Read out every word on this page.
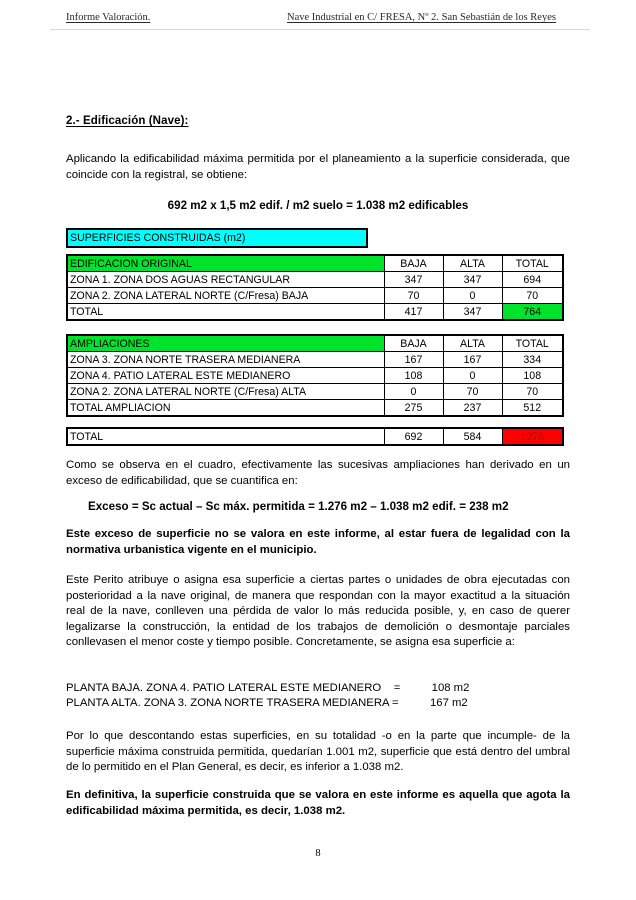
Informe Valoración.	Nave Industrial en C/ FRESA, Nº 2. San Sebastián de los Reyes
2.- Edificación (Nave):
Aplicando la edificabilidad máxima permitida por el planeamiento a la superficie considerada, que coincide con la registral, se obtiene:
692 m2 x 1,5 m2 edif. / m2 suelo = 1.038 m2 edificables
SUPERFICIES CONSTRUIDAS (m2)
EDIFICACION ORIGINAL	BAJA	ALTA	TOTAL
ZONA 1. ZONA DOS AGUAS RECTANGULAR	347	347	694
ZONA 2. ZONA LATERAL NORTE (C/Fresa) BAJA	70	0	70
TOTAL	417	347	764
AMPLIACIONES	BAJA	ALTA	TOTAL
ZONA 3. ZONA NORTE TRASERA MEDIANERA	167	167	334
ZONA 4. PATIO LATERAL ESTE MEDIANERO	108	0	108
ZONA 2. ZONA LATERAL NORTE (C/Fresa) ALTA	0	70	70
TOTAL AMPLIACION	275	237	512
TOTAL	692	584	1276
Como se observa en el cuadro, efectivamente las sucesivas ampliaciones han derivado en un exceso de edificabilidad, que se cuantifica en:
Exceso = Sc actual – Sc máx. permitida = 1.276 m2 – 1.038 m2 edif. = 238 m2
Este exceso de superficie no se valora en este informe, al estar fuera de legalidad con la normativa urbanistica vigente en el municipio.
Este Perito atribuye o asigna esa superficie a ciertas partes o unidades de obra ejecutadas con posterioridad a la nave original, de manera que respondan con la mayor exactitud a la situación real de la nave, conlleven una pérdida de valor lo más reducida posible, y, en caso de querer legalizarse la construcción, la entidad de los trabajos de demolición o desmontaje parciales conllevasen el menor coste y tiempo posible. Concretamente, se asigna esa superficie a:
PLANTA BAJA. ZONA 4. PATIO LATERAL ESTE MEDIANERO    =          108 m2
PLANTA ALTA. ZONA 3. ZONA NORTE TRASERA MEDIANERA =          167 m2
Por lo que descontando estas superficies, en su totalidad -o en la parte que incumple- de la superficie máxima construida permitida, quedarían 1.001 m2, superficie que está dentro del umbral de lo permitido en el Plan General, es decir, es inferior a 1.038 m2.
En definitiva, la superficie construida que se valora en este informe es aquella que agota la edificabilidad máxima permitida, es decir, 1.038 m2.
8
